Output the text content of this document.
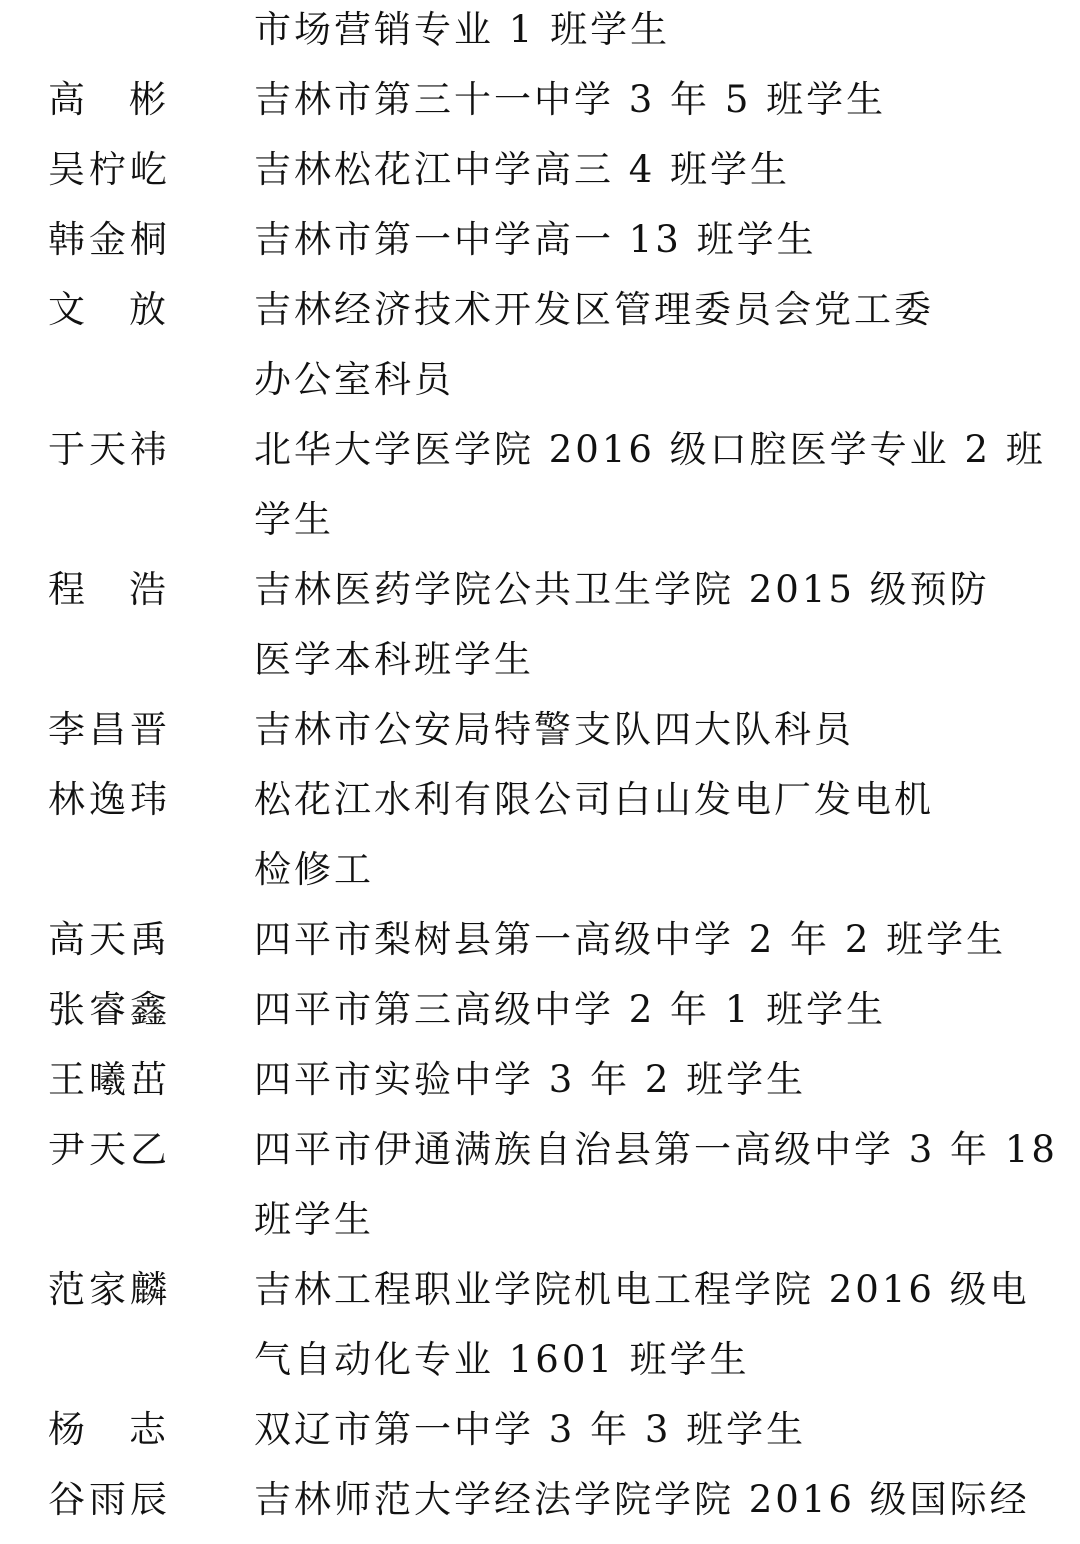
市场营销专业 1 班学生
高彬 吉林市第三十一中学 3 年 5 班学生
吴柠屹 吉林松花江中学高三 4 班学生
韩金桐 吉林市第一中学高一 13 班学生
文放 吉林经济技术开发区管理委员会党工委
办公室科员
于天祎 北华大学医学院 2016 级口腔医学专业 2 班
学生
程浩 吉林医药学院公共卫生学院 2015 级预防
医学本科班学生
李昌晋 吉林市公安局特警支队四大队科员
林逸玮 松花江水利有限公司白山发电厂发电机
检修工
高天禹 四平市梨树县第一高级中学 2 年 2 班学生
张睿鑫 四平市第三高级中学 2 年 1 班学生
王曦茁 四平市实验中学 3 年 2 班学生
尹天乙 四平市伊通满族自治县第一高级中学 3 年 18
班学生
范家麟 吉林工程职业学院机电工程学院 2016 级电
气自动化专业 1601 班学生
杨志 双辽市第一中学 3 年 3 班学生
谷雨辰 吉林师范大学经法学院学院 2016 级国际经
